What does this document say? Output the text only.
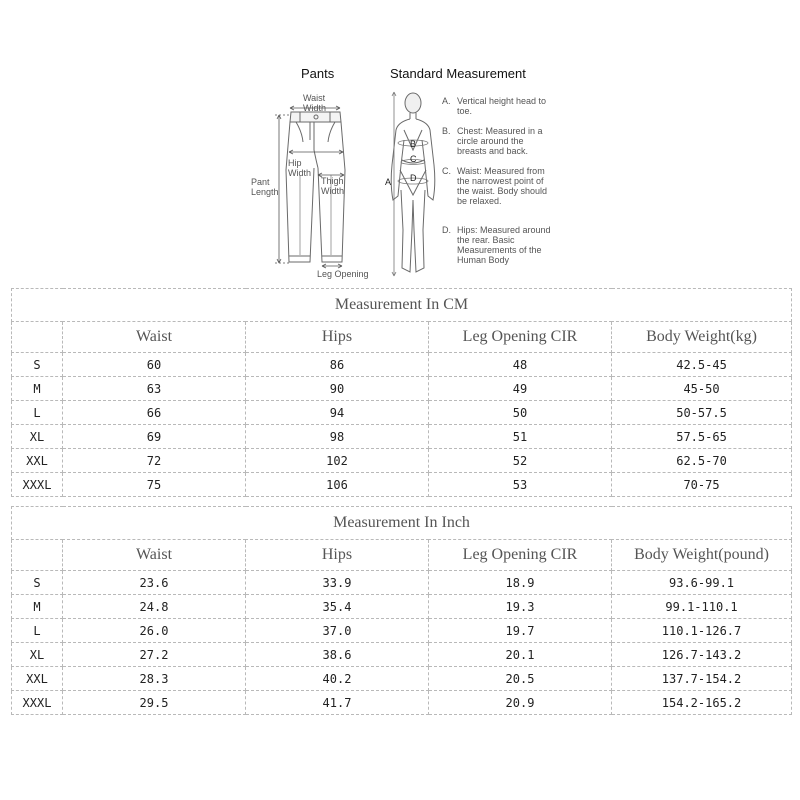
Pants
Waist
Width
Hip
Width
Thigh
Width
Pant
Length
Leg Opening
Standard Measurement
B
C
D
A
A. Vertical height head to toe.
B. Chest: Measured in a circle around the breasts and back.
C. Waist: Measured from the narrowest point of the waist. Body should be relaxed.
D. Hips: Measured around the rear. Basic Measurements of the Human Body
Measurement In CM				
	Waist	Hips	Leg Opening CIR	Body Weight(kg)
S	60	86	48	42.5-45
M	63	90	49	45-50
L	66	94	50	50-57.5
XL	69	98	51	57.5-65
XXL	72	102	52	62.5-70
XXXL	75	106	53	70-75
Measurement In Inch				
	Waist	Hips	Leg Opening CIR	Body Weight(pound)
S	23.6	33.9	18.9	93.6-99.1
M	24.8	35.4	19.3	99.1-110.1
L	26.0	37.0	19.7	110.1-126.7
XL	27.2	38.6	20.1	126.7-143.2
XXL	28.3	40.2	20.5	137.7-154.2
XXXL	29.5	41.7	20.9	154.2-165.2
